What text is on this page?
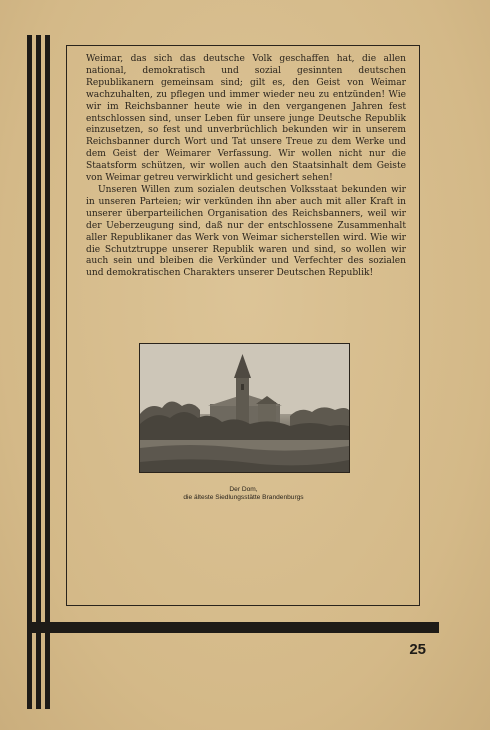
Weimar, das sich das deutsche Volk geschaffen hat, die allen national, demokratisch und sozial gesinnten deutschen Republikanern gemeinsam sind; gilt es, den Geist von Weimar wachzuhalten, zu pflegen und immer wieder neu zu entzünden! Wie wir im Reichsbanner heute wie in den vergangenen Jahren fest entschlossen sind, unser Leben für unsere junge Deutsche Republik einzusetzen, so fest und unverbrüchlich bekunden wir in unserem Reichsbanner durch Wort und Tat unsere Treue zu dem Werke und dem Geist der Weimarer Verfassung. Wir wollen nicht nur die Staatsform schützen, wir wollen auch den Staatsinhalt dem Geiste von Weimar getreu verwirklicht und gesichert sehen!

Unseren Willen zum sozialen deutschen Volksstaat bekunden wir in unseren Parteien; wir verkünden ihn aber auch mit aller Kraft in unserer überparteilichen Organisation des Reichsbanners, weil wir der Ueberzeugung sind, daß nur der entschlossene Zusammenhalt aller Republikaner das Werk von Weimar sicherstellen wird. Wie wir die Schutztruppe unserer Republik waren und sind, so wollen wir auch sein und bleiben die Verkünder und Verfechter des sozialen und demokratischen Charakters unserer Deutschen Republik!

Der Dom,
die älteste Siedlungsstätte Brandenburgs
25
